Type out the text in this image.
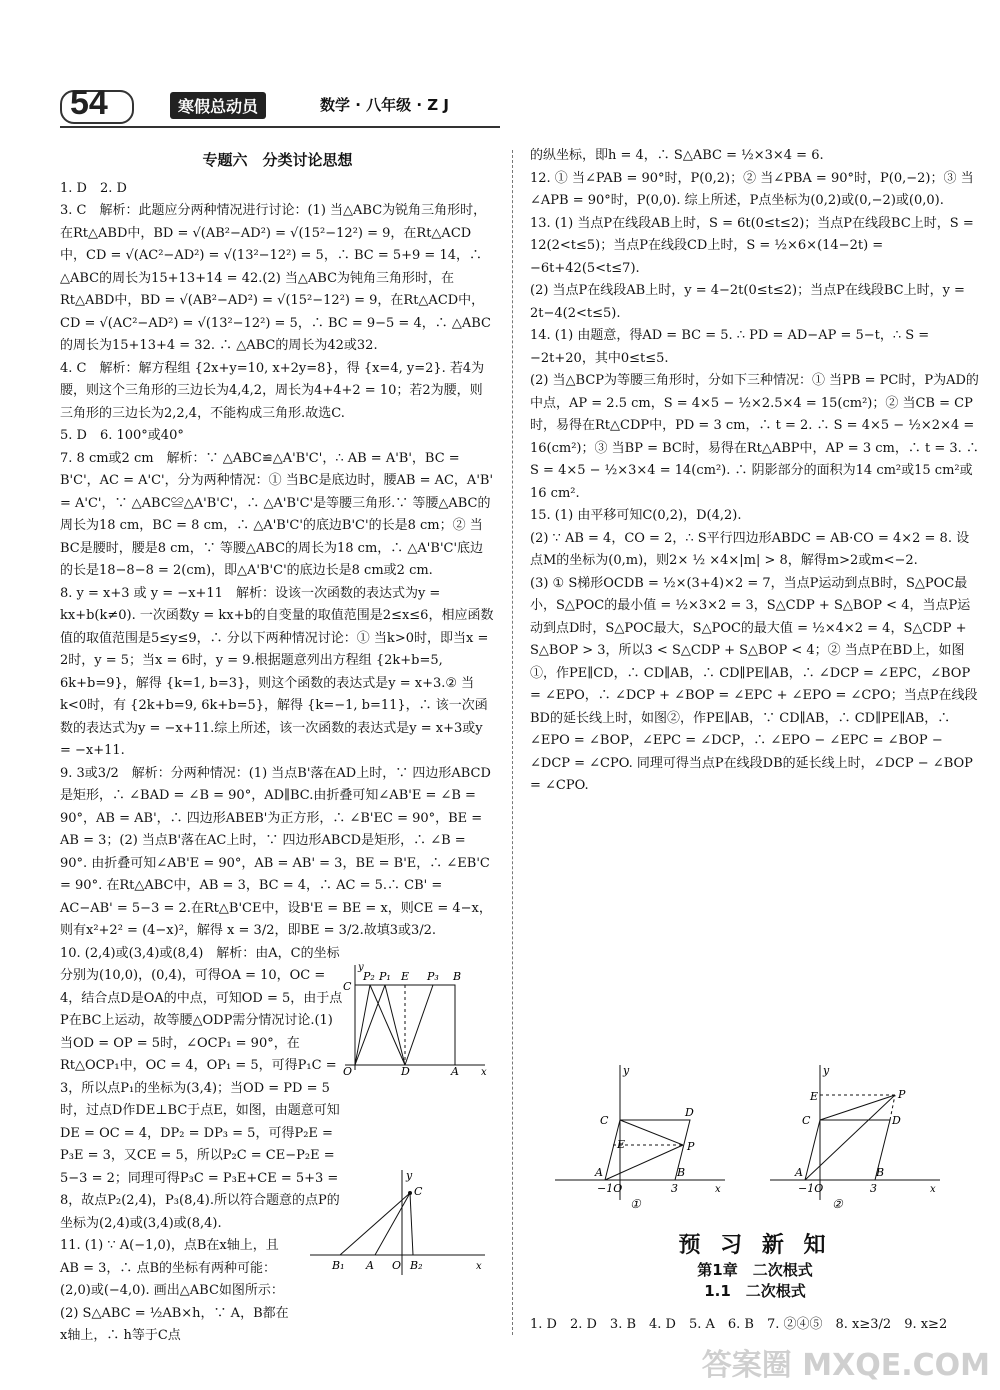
54	寒假总动员	数学 · 八年级 · Z J
专题六　分类讨论思想

1. D　2. D

3. C　解析：此题应分两种情况进行讨论：(1) 当△ABC为锐角三角形时，在Rt△ABD中，BD = √(AB²−AD²) = √(15²−12²) = 9，在Rt△ACD中，CD = √(AC²−AD²) = √(13²−12²) = 5，∴ BC = 5+9 = 14，∴ △ABC的周长为15+13+14 = 42.(2) 当△ABC为钝角三角形时，在Rt△ABD中，BD = √(AB²−AD²) = √(15²−12²) = 9，在Rt△ACD中，CD = √(AC²−AD²) = √(13²−12²) = 5，∴ BC = 9−5 = 4，∴ △ABC的周长为15+13+4 = 32. ∴ △ABC的周长为42或32.

4. C　解析：解方程组 {2x+y=10, x+2y=8}，得 {x=4, y=2}. 若4为腰，则这个三角形的三边长为4,4,2，周长为4+4+2 = 10；若2为腰，则三角形的三边长为2,2,4，不能构成三角形.故选C.

5. D　6. 100°或40°

7. 8 cm或2 cm　解析：∵ △ABC≌△A'B'C'，∴ AB = A'B'，BC = B'C'，AC = A'C'，分为两种情况：① 当BC是底边时，腰AB = AC，A'B' = A'C'，∵ △ABC≌△A'B'C'，∴ △A'B'C'是等腰三角形.∵ 等腰△ABC的周长为18 cm，BC = 8 cm，∴ △A'B'C'的底边B'C'的长是8 cm；② 当BC是腰时，腰是8 cm，∵ 等腰△ABC的周长为18 cm，∴ △A'B'C'底边的长是18−8−8 = 2(cm)，即△A'B'C'的底边长是8 cm或2 cm.

8. y = x+3 或 y = −x+11　解析：设该一次函数的表达式为y = kx+b(k≠0). 一次函数y = kx+b的自变量的取值范围是2≤x≤6，相应函数值的取值范围是5≤y≤9，∴ 分以下两种情况讨论：① 当k>0时，即当x = 2时，y = 5；当x = 6时，y = 9.根据题意列出方程组 {2k+b=5, 6k+b=9}，解得 {k=1, b=3}，则这个函数的表达式是y = x+3.② 当k<0时，有 {2k+b=9, 6k+b=5}，解得 {k=−1, b=11}，∴ 该一次函数的表达式为y = −x+11.综上所述，该一次函数的表达式是y = x+3或y = −x+11.

9. 3或3/2　解析：分两种情况：(1) 当点B'落在AD上时，∵ 四边形ABCD是矩形，∴ ∠BAD = ∠B = 90°，AD∥BC.由折叠可知∠AB'E = ∠B = 90°，AB = AB'，∴ 四边形ABEB'为正方形，∴ ∠B'EC = 90°，BE = AB = 3；(2) 当点B'落在AC上时，∵ 四边形ABCD是矩形，∴ ∠B = 90°. 由折叠可知∠AB'E = 90°，AB = AB' = 3，BE = B'E，∴ ∠EB'C = 90°. 在Rt△ABC中，AB = 3，BC = 4，∴ AC = 5.∴ CB' = AC−AB' = 5−3 = 2.在Rt△B'CE中，设B'E = BE = x，则CE = 4−x，则有x²+2² = (4−x)²，解得 x = 3/2，即BE = 3/2.故填3或3/2.

10. (2,4)或(3,4)或(8,4)　解析：由A，C的坐标分别为(10,0)，(0,4)，可得OA = 10，OC = 4，结合点D是OA的中点，可知OD = 5，由于点P在BC上运动，故等腰△ODP需分情况讨论.(1) 当OD = OP = 5时，∠OCP₁ = 90°，在Rt△OCP₁中，OC = 4，OP₁ = 5，可得P₁C = 3，所以点P₁的坐标为(3,4)；当OD = PD = 5时，过点D作DE⊥BC于点E，如图，由题意可知DE = OC = 4，DP₂ = DP₃ = 5，可得P₂E = P₃E = 3，又CE = 5，所以P₂C = CE−P₂E = 5−3 = 2；同理可得P₃C = P₃E+CE = 5+3 = 8，故点P₂(2,4)，P₃(8,4).所以符合题意的点P的坐标为(2,4)或(3,4)或(8,4).

11. (1) ∵ A(−1,0)，点B在x轴上，且AB = 3，∴ 点B的坐标有两种可能：(2,0)或(−4,0). 画出△ABC如图所示：

(2) S△ABC = ½AB×h，∵ A，B都在x轴上，∴ h等于C点

P₂ P₁ E P₃ B
C
O	D	A x
y
y
C
B₁ A O B₂	x

的纵坐标，即h = 4，∴ S△ABC = ½×3×4 = 6.

12. ① 当∠PAB = 90°时，P(0,2)；② 当∠PBA = 90°时，P(0,−2)；③ 当∠APB = 90°时，P(0,0). 综上所述，P点坐标为(0,2)或(0,−2)或(0,0).

13. (1) 当点P在线段AB上时，S = 6t(0≤t≤2)；当点P在线段BC上时，S = 12(2<t≤5)；当点P在线段CD上时，S = ½×6×(14−2t) = −6t+42(5<t≤7).

(2) 当点P在线段AB上时，y = 4−2t(0≤t≤2)；当点P在线段BC上时，y = 2t−4(2<t≤5).

14. (1) 由题意，得AD = BC = 5. ∴ PD = AD−AP = 5−t，∴ S = −2t+20，其中0≤t≤5.

(2) 当△BCP为等腰三角形时，分如下三种情况：① 当PB = PC时，P为AD的中点，AP = 2.5 cm，S = 4×5 − ½×2.5×4 = 15(cm²)；② 当CB = CP时，易得在Rt△CDP中，PD = 3 cm，∴ t = 2. ∴ S = 4×5 − ½×2×4 = 16(cm²)；③ 当BP = BC时，易得在Rt△ABP中，AP = 3 cm，∴ t = 3. ∴ S = 4×5 − ½×3×4 = 14(cm²). ∴ 阴影部分的面积为14 cm²或15 cm²或16 cm².

15. (1) 由平移可知C(0,2)，D(4,2).

(2) ∵ AB = 4，CO = 2，∴ S平行四边形ABDC = AB·CO = 4×2 = 8. 设点M的坐标为(0,m)，则2× ½ ×4×|m| > 8，解得m>2或m<−2.

(3) ① S梯形OCDB = ½×(3+4)×2 = 7，当点P运动到点B时，S△POC最小，S△POC的最小值 = ½×3×2 = 3，S△CDP + S△BOP < 4，当点P运动到点D时，S△POC最大，S△POC的最大值 = ½×4×2 = 4，S△CDP + S△BOP > 3，所以3 < S△CDP + S△BOP < 4；② 当点P在BD上，如图①，作PE∥CD，∴ CD∥AB，∴ CD∥PE∥AB，∴ ∠DCP = ∠EPC，∠BOP = ∠EPO，∴ ∠DCP + ∠BOP = ∠EPC + ∠EPO = ∠CPO；当点P在线段BD的延长线上时，如图②，作PE∥AB，∵ CD∥AB，∴ CD∥PE∥AB，∴ ∠EPO = ∠BOP，∠EPC = ∠DCP，∴ ∠EPO − ∠EPC = ∠BOP − ∠DCP = ∠CPO. 同理可得当点P在线段DB的延长线上时，∠DCP − ∠BOP = ∠CPO.

y
C
D
E	P
A
−1O	3
B
x
①
y
E	P
C	D
A
−1O	3
B
x
②
预 习 新 知
第1章　二次根式
1.1　二次根式
1. D　2. D　3. B　4. D　5. A　6. B　7. ②④⑤　8. x≥3/2　9. x≥2
答案圈 MXQE.COM
